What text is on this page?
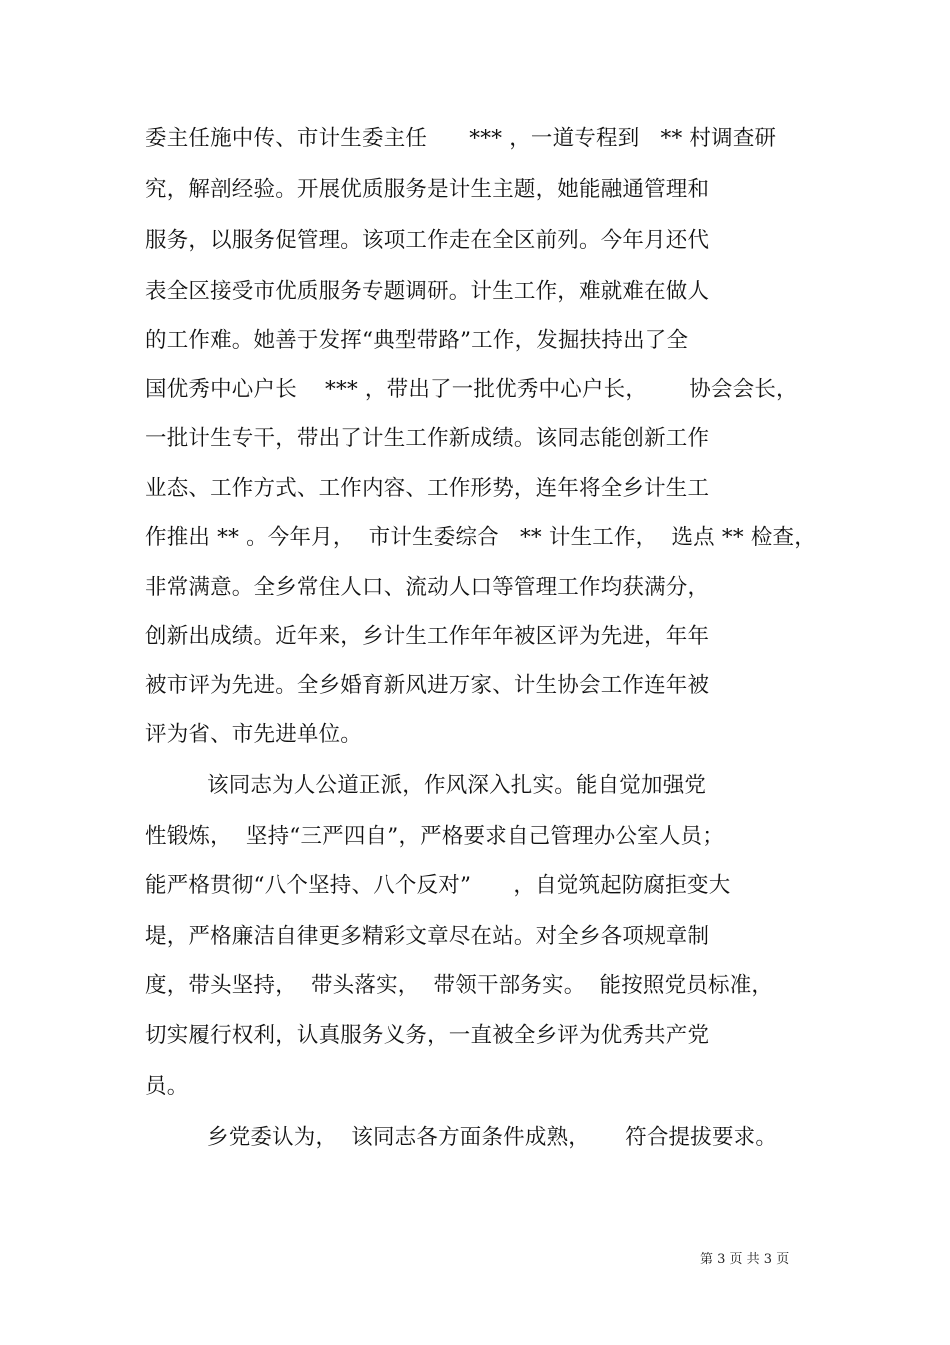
委主任施中传、市计生委主任      *** ，一道专程到   ** 村调查研
究，解剖经验。开展优质服务是计生主题，她能融通管理和
服务，以服务促管理。该项工作走在全区前列。今年月还代
表全区接受市优质服务专题调研。计生工作，难就难在做人
的工作难。她善于发挥“典型带路”工作，发掘扶持出了全
国优秀中心户长    *** ，带出了一批优秀中心户长，      协会会长，
一批计生专干，带出了计生工作新成绩。该同志能创新工作
业态、工作方式、工作内容、工作形势，连年将全乡计生工
作推出 ** 。今年月，  市计生委综合   ** 计生工作，  选点 ** 检查，
非常满意。全乡常住人口、流动人口等管理工作均获满分，
创新出成绩。近年来，乡计生工作年年被区评为先进，年年
被市评为先进。全乡婚育新风进万家、计生协会工作连年被
评为省、市先进单位。
该同志为人公道正派，作风深入扎实。能自觉加强党
性锻炼，  坚持“三严四自”，严格要求自己管理办公室人员；
能严格贯彻“八个坚持、八个反对”      ，自觉筑起防腐拒变大
堤，严格廉洁自律更多精彩文章尽在站。对全乡各项规章制
度，带头坚持，  带头落实，  带领干部务实。  能按照党员标准，
切实履行权利，认真服务义务，一直被全乡评为优秀共产党
员。
乡党委认为，  该同志各方面条件成熟，     符合提拔要求。
第 3 页 共 3 页
